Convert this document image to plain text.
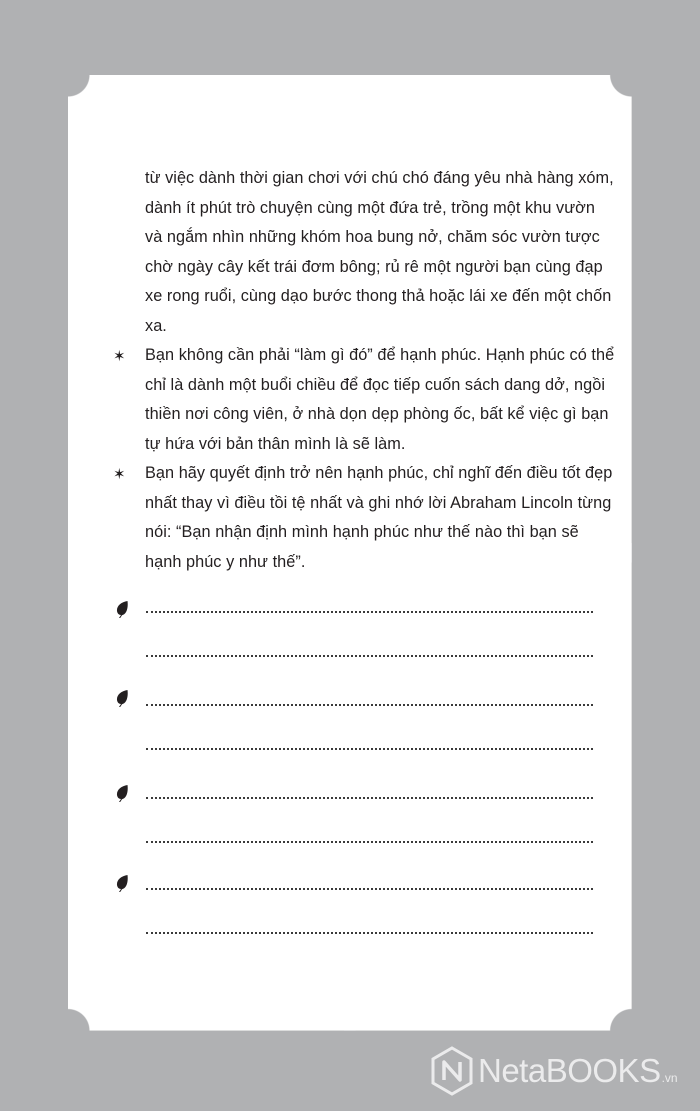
từ việc dành thời gian chơi với chú chó đáng yêu nhà hàng xóm, dành ít phút trò chuyện cùng một đứa trẻ, trồng một khu vườn và ngắm nhìn những khóm hoa bung nở, chăm sóc vườn tược chờ ngày cây kết trái đơm bông; rủ rê một người bạn cùng đạp xe rong ruổi, cùng dạo bước thong thả hoặc lái xe đến một chốn xa.
✶ Bạn không cần phải “làm gì đó” để hạnh phúc. Hạnh phúc có thể chỉ là dành một buổi chiều để đọc tiếp cuốn sách dang dở, ngồi thiền nơi công viên, ở nhà dọn dẹp phòng ốc, bất kể việc gì bạn tự hứa với bản thân mình là sẽ làm.
✶ Bạn hãy quyết định trở nên hạnh phúc, chỉ nghĩ đến điều tốt đẹp nhất thay vì điều tồi tệ nhất và ghi nhớ lời Abraham Lincoln từng nói: “Bạn nhận định mình hạnh phúc như thế nào thì bạn sẽ hạnh phúc y như thế”.
NetaBOOKS .vn
